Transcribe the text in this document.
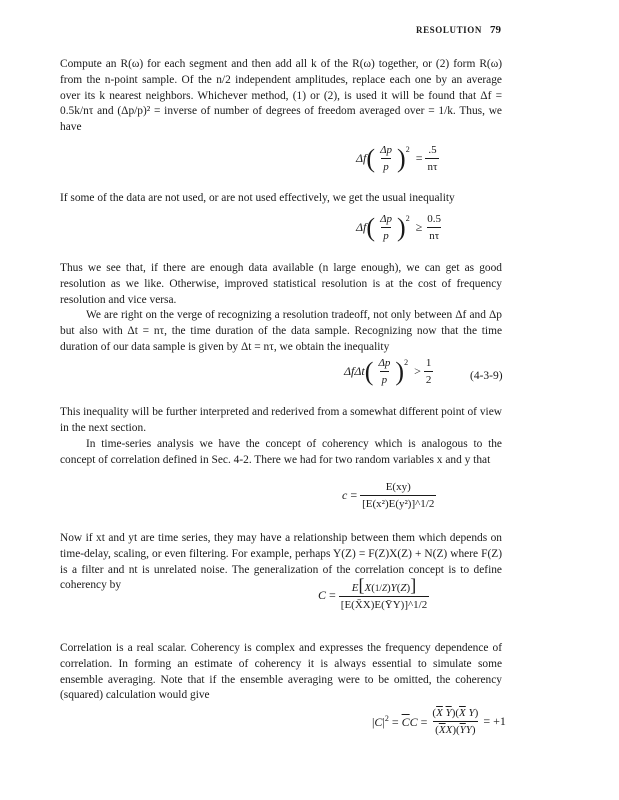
RESOLUTION 79

Compute an R(ω) for each segment and then add all k of the R(ω) together, or (2) form R(ω) from the n-point sample. Of the n/2 independent amplitudes, replace each one by an average over its k nearest neighbors. Whichever method, (1) or (2), is used it will be found that Δf = 0.5k/nτ and (Δp/p)² = inverse of number of degrees of freedom averaged over = 1/k. Thus, we have

Δf ( $\frac{\Delta p}{p}$ ) 2
= $\frac{.5}{n\tau}$

If some of the data are not used, or are not used effectively, we get the usual inequality

Δf ( $\frac{\Delta p}{p}$ ) 2
≥ $\frac{0.5}{n\tau}$

Thus we see that, if there are enough data available (n large enough), we can get as good resolution as we like. Otherwise, improved statistical resolution is at the cost of frequency resolution and vice versa.

We are right on the verge of recognizing a resolution tradeoff, not only between Δf and Δp but also with Δt = nτ, the time duration of the data sample. Recognizing now that the time duration of our data sample is given by Δt = nτ, we obtain the inequality

ΔfΔt ( $\frac{\Delta p}{p}$ ) 2
> $\frac{1}{2}$	(4-3-9)

This inequality will be further interpreted and rederived from a somewhat different point of view in the next section.

In time-series analysis we have the concept of coherency which is analogous to the concept of correlation defined in Sec. 4-2. There we had for two random variables x and y that

$c = \frac{E(xy)}{\text{[E(x²)E(y²)]\textasciicircum{}1/2}}$

Now if xt and yt are time series, they may have a relationship between them which depends on time-delay, scaling, or even filtering. For example, perhaps Y(Z) = F(Z)X(Z) + N(Z) where F(Z) is a filter and nt is unrelated noise. The generalization of the correlation concept is to define coherency by

$C = \frac{E[X(1/Z)Y(Z)]}{[E(X̄X)E(ȲY)]\^{}1/2}$

Correlation is a real scalar. Coherency is complex and expresses the frequency dependence of correlation. In forming an estimate of coherency it is always essential to simulate some ensemble averaging. Note that if the ensemble averaging were to be omitted, the coherency (squared) calculation would give

$|C|^2 = \overline{C}C = \frac{(\overline{X} \overline{Y})(\overline{X} Y)}{(\overline{X}X)(\overline{Y}Y)} = +1$
